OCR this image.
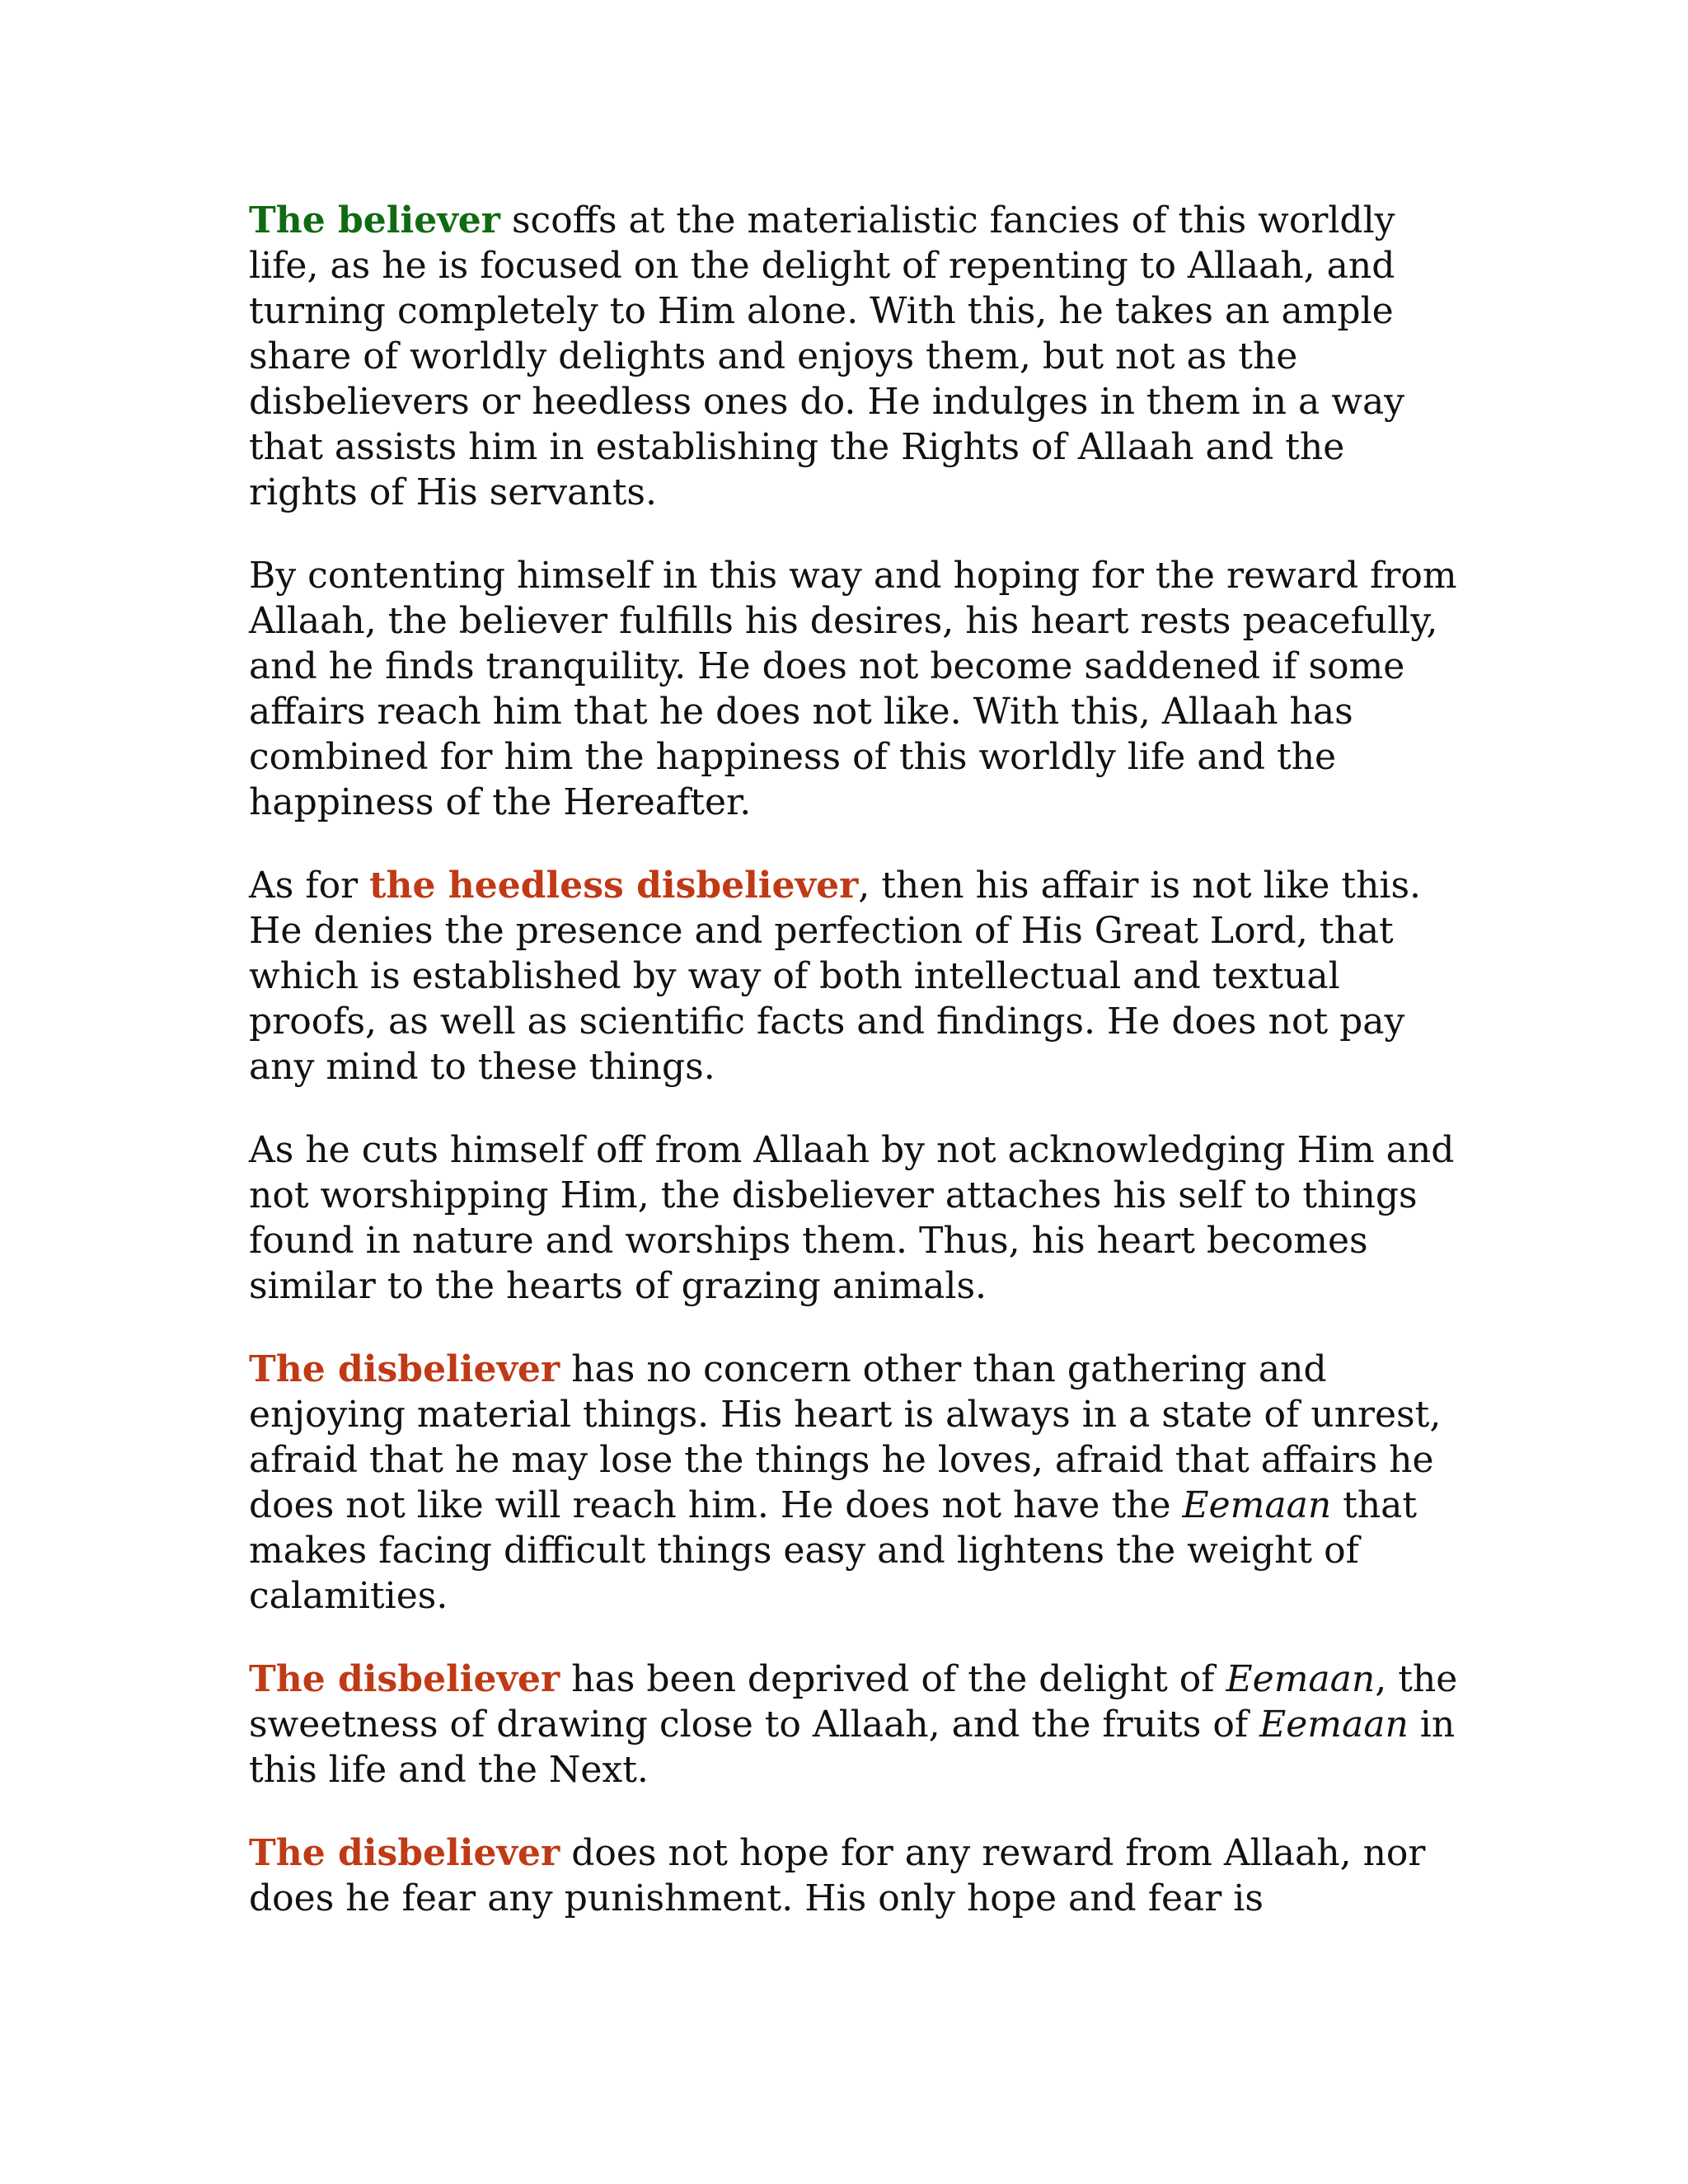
The believer scoffs at the materialistic fancies of this worldly life, as he is focused on the delight of repenting to Allaah, and turning completely to Him alone. With this, he takes an ample share of worldly delights and enjoys them, but not as the disbelievers or heedless ones do. He indulges in them in a way that assists him in establishing the Rights of Allaah and the rights of His servants.

By contenting himself in this way and hoping for the reward from Allaah, the believer fulfills his desires, his heart rests peacefully, and he finds tranquility. He does not become saddened if some affairs reach him that he does not like. With this, Allaah has combined for him the happiness of this worldly life and the happiness of the Hereafter.

As for the heedless disbeliever, then his affair is not like this. He denies the presence and perfection of His Great Lord, that which is established by way of both intellectual and textual proofs, as well as scientific facts and findings. He does not pay any mind to these things.

As he cuts himself off from Allaah by not acknowledging Him and not worshipping Him, the disbeliever attaches his self to things found in nature and worships them. Thus, his heart becomes similar to the hearts of grazing animals.

The disbeliever has no concern other than gathering and enjoying material things. His heart is always in a state of unrest, afraid that he may lose the things he loves, afraid that affairs he does not like will reach him. He does not have the Eemaan that makes facing difficult things easy and lightens the weight of calamities.

The disbeliever has been deprived of the delight of Eemaan, the sweetness of drawing close to Allaah, and the fruits of Eemaan in this life and the Next.

The disbeliever does not hope for any reward from Allaah, nor does he fear any punishment. His only hope and fear is
